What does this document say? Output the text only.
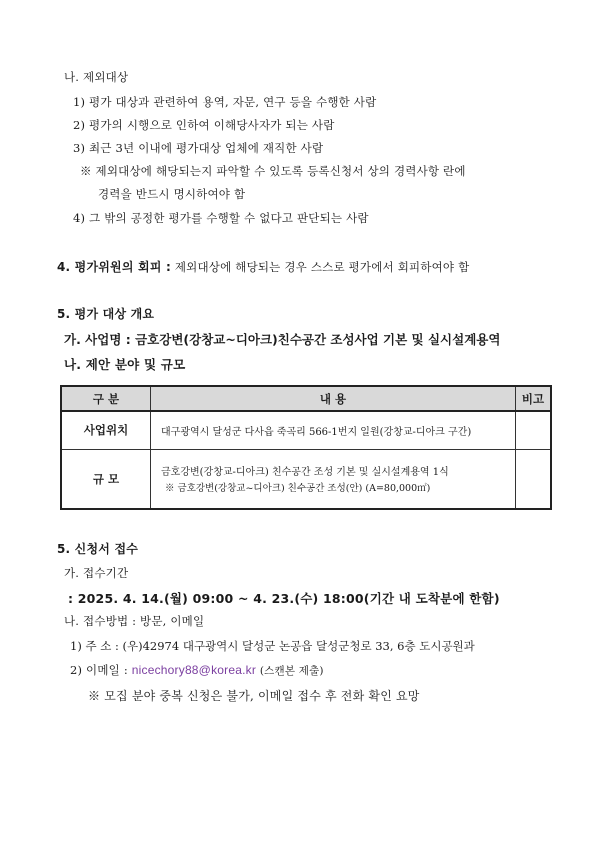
나. 제외대상
1) 평가 대상과 관련하여 용역, 자문, 연구 등을 수행한 사람
2) 평가의 시행으로 인하여 이해당사자가 되는 사람
3) 최근 3년 이내에 평가대상 업체에 재직한 사람
※ 제외대상에 해당되는지 파악할 수 있도록 등록신청서 상의 경력사항 란에
경력을 반드시 명시하여야 함
4) 그 밖의 공정한 평가를 수행할 수 없다고 판단되는 사람
4. 평가위원의 회피 : 제외대상에 해당되는 경우 스스로 평가에서 회피하여야 함
5. 평가 대상 개요
가. 사업명 : 금호강변(강창교~디아크)친수공간 조성사업 기본 및 실시설계용역
나. 제안 분야 및 규모
구 분	내 용	비고
사업위치	대구광역시 달성군 다사읍 죽곡리 566-1번지 일원(강창교-디아크 구간)	
규 모	금호강변(강창교-디아크) 친수공간 조성 기본 및 실시설계용역 1식
※ 금호강변(강창교~디아크) 친수공간 조성(안) (A=80,000㎡)	

5. 신청서 접수
가. 접수기간
: 2025. 4. 14.(월) 09:00 ~ 4. 23.(수) 18:00(기간 내 도착분에 한함)
나. 접수방법 : 방문, 이메일
1) 주 소 : (우)42974 대구광역시 달성군 논공읍 달성군청로 33, 6층 도시공원과
2) 이메일 : nicechory88@korea.kr (스캔본 제출)
※ 모집 분야 중복 신청은 불가, 이메일 접수 후 전화 확인 요망
